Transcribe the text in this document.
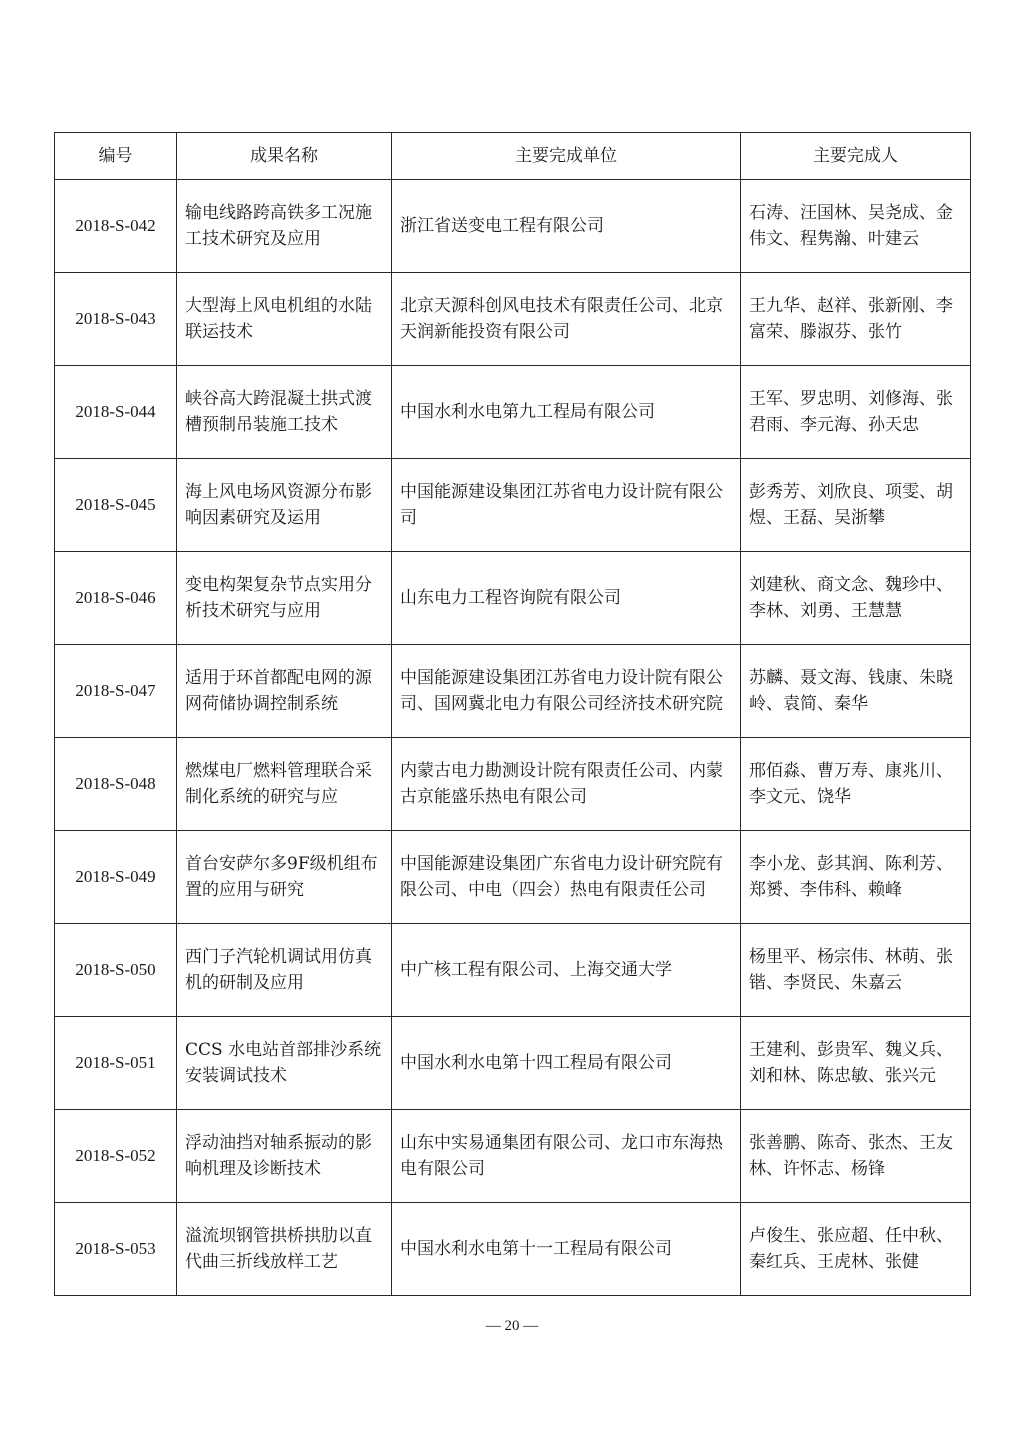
编号	成果名称	主要完成单位	主要完成人
2018-S-042	输电线路跨高铁多工况施工技术研究及应用	浙江省送变电工程有限公司	石涛、汪国林、吴尧成、金伟文、程隽瀚、叶建云
2018-S-043	大型海上风电机组的水陆联运技术	北京天源科创风电技术有限责任公司、北京天润新能投资有限公司	王九华、赵祥、张新刚、李富荣、滕淑芬、张竹
2018-S-044	峡谷高大跨混凝土拱式渡槽预制吊装施工技术	中国水利水电第九工程局有限公司	王军、罗忠明、刘修海、张君雨、李元海、孙天忠
2018-S-045	海上风电场风资源分布影响因素研究及运用	中国能源建设集团江苏省电力设计院有限公司	彭秀芳、刘欣良、项雯、胡煜、王磊、吴浙攀
2018-S-046	变电构架复杂节点实用分析技术研究与应用	山东电力工程咨询院有限公司	刘建秋、商文念、魏珍中、李林、刘勇、王慧慧
2018-S-047	适用于环首都配电网的源网荷储协调控制系统	中国能源建设集团江苏省电力设计院有限公司、国网冀北电力有限公司经济技术研究院	苏麟、聂文海、钱康、朱晓岭、袁简、秦华
2018-S-048	燃煤电厂燃料管理联合采制化系统的研究与应	内蒙古电力勘测设计院有限责任公司、内蒙古京能盛乐热电有限公司	邢佰淼、曹万寿、康兆川、李文元、饶华
2018-S-049	首台安萨尔多9F级机组布置的应用与研究	中国能源建设集团广东省电力设计研究院有限公司、中电（四会）热电有限责任公司	李小龙、彭其润、陈利芳、郑赟、李伟科、赖峰
2018-S-050	西门子汽轮机调试用仿真机的研制及应用	中广核工程有限公司、上海交通大学	杨里平、杨宗伟、林萌、张锴、李贤民、朱嘉云
2018-S-051	CCS 水电站首部排沙系统安装调试技术	中国水利水电第十四工程局有限公司	王建利、彭贵军、魏义兵、刘和林、陈忠敏、张兴元
2018-S-052	浮动油挡对轴系振动的影响机理及诊断技术	山东中实易通集团有限公司、龙口市东海热电有限公司	张善鹏、陈奇、张杰、王友林、许怀志、杨锋
2018-S-053	溢流坝钢管拱桥拱肋以直代曲三折线放样工艺	中国水利水电第十一工程局有限公司	卢俊生、张应超、任中秋、秦红兵、王虎林、张健
— 20 —
